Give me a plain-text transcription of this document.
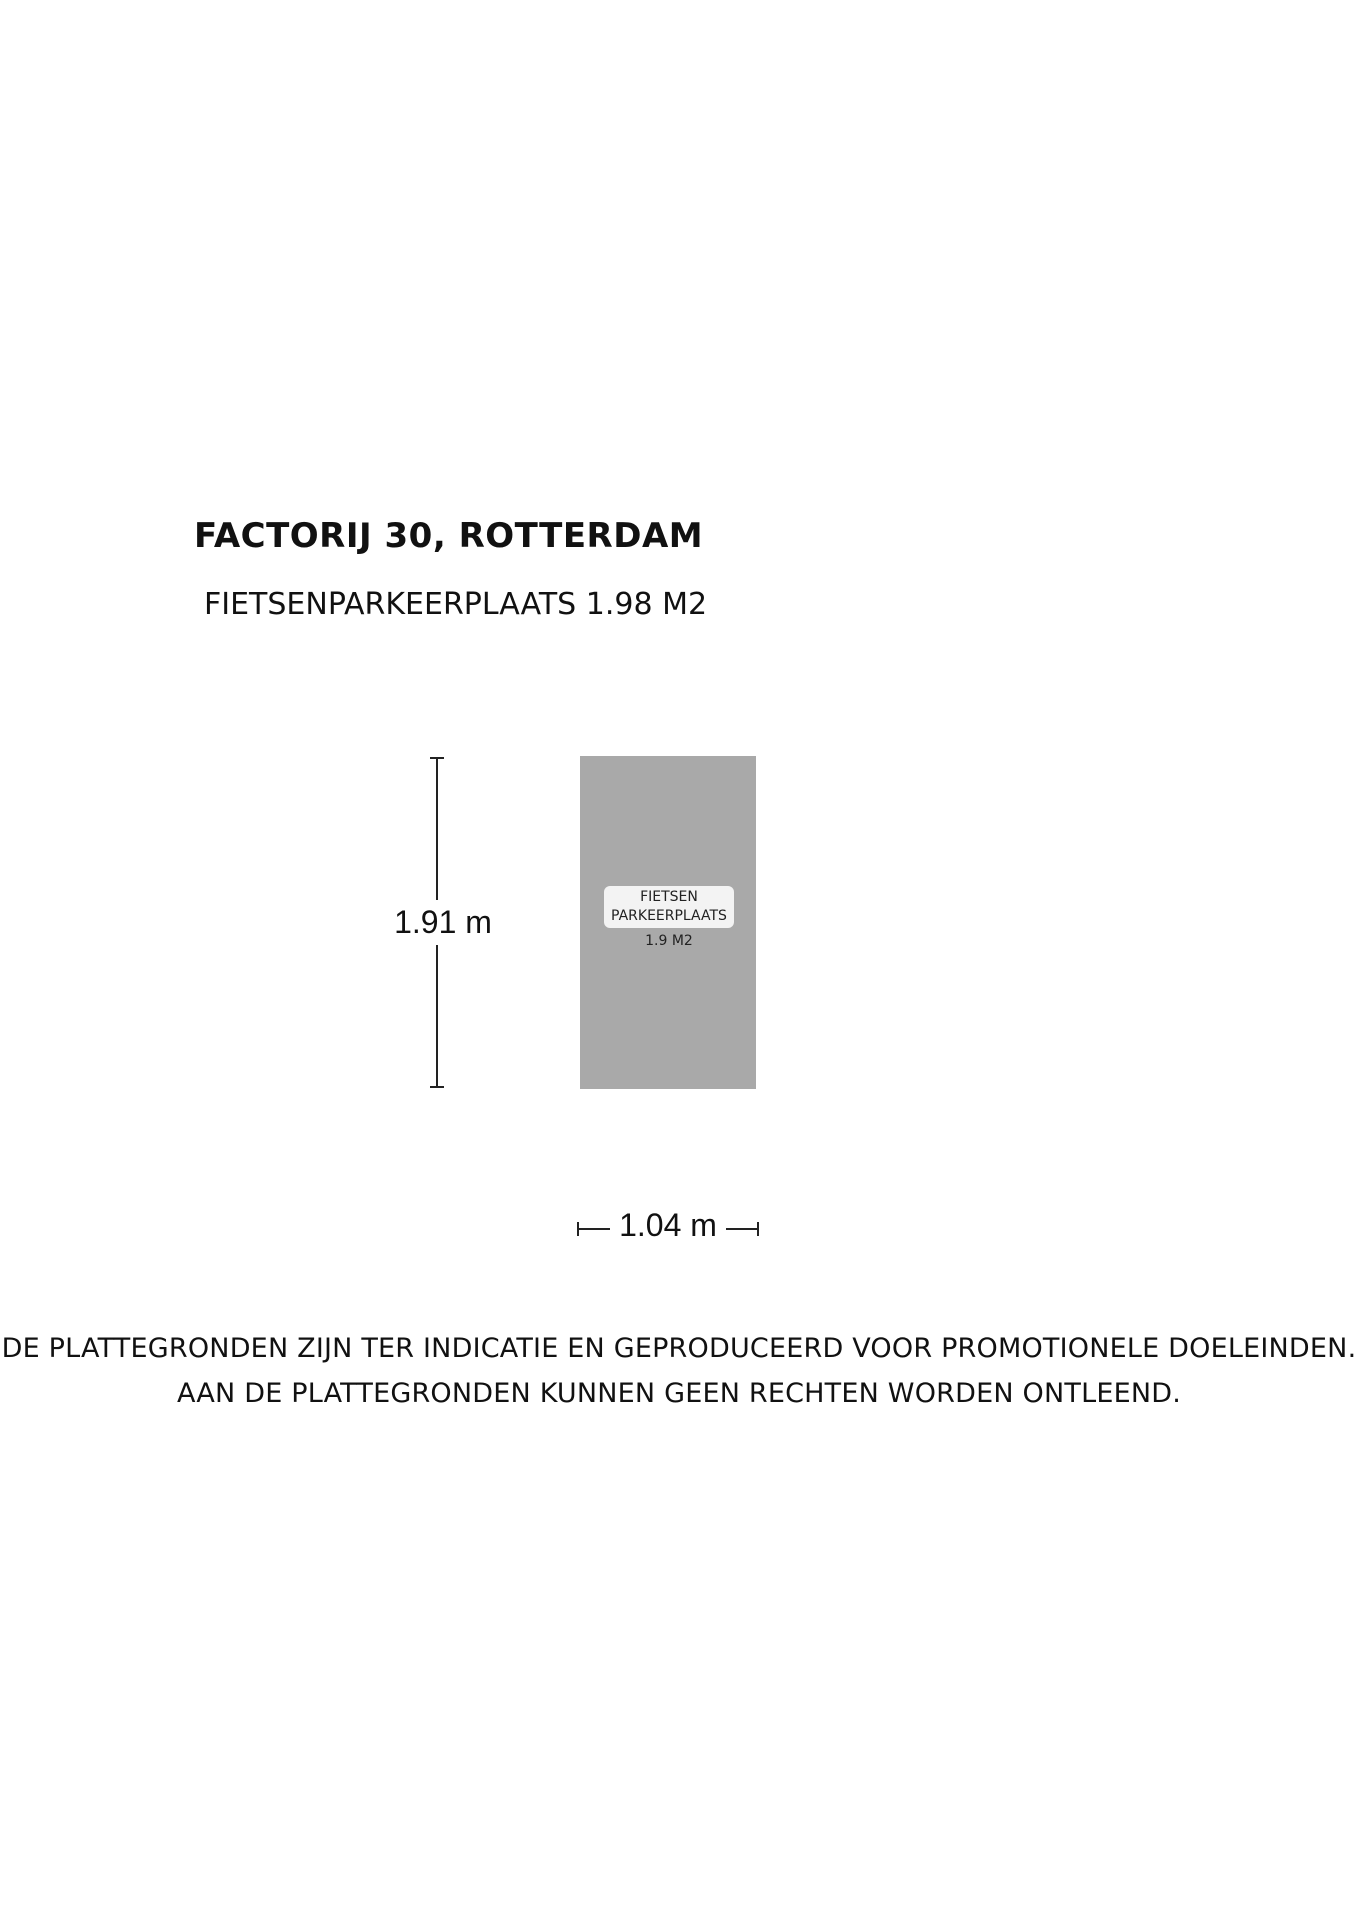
FACTORIJ 30, ROTTERDAM
FIETSENPARKEERPLAATS 1.98 M2
FIETSEN
PARKEERPLAATS
1.9 M2
1.91 m
1.04 m
DE PLATTEGRONDEN ZIJN TER INDICATIE EN GEPRODUCEERD VOOR PROMOTIONELE DOELEINDEN.
AAN DE PLATTEGRONDEN KUNNEN GEEN RECHTEN WORDEN ONTLEEND.
